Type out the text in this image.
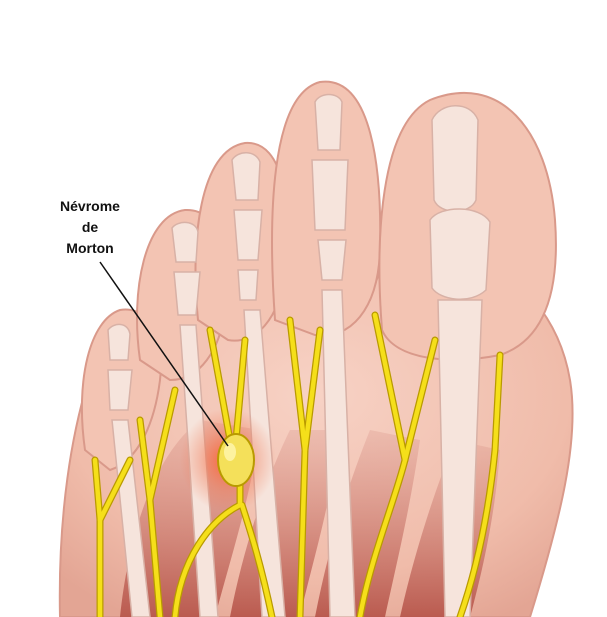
Névrome
de
Morton
